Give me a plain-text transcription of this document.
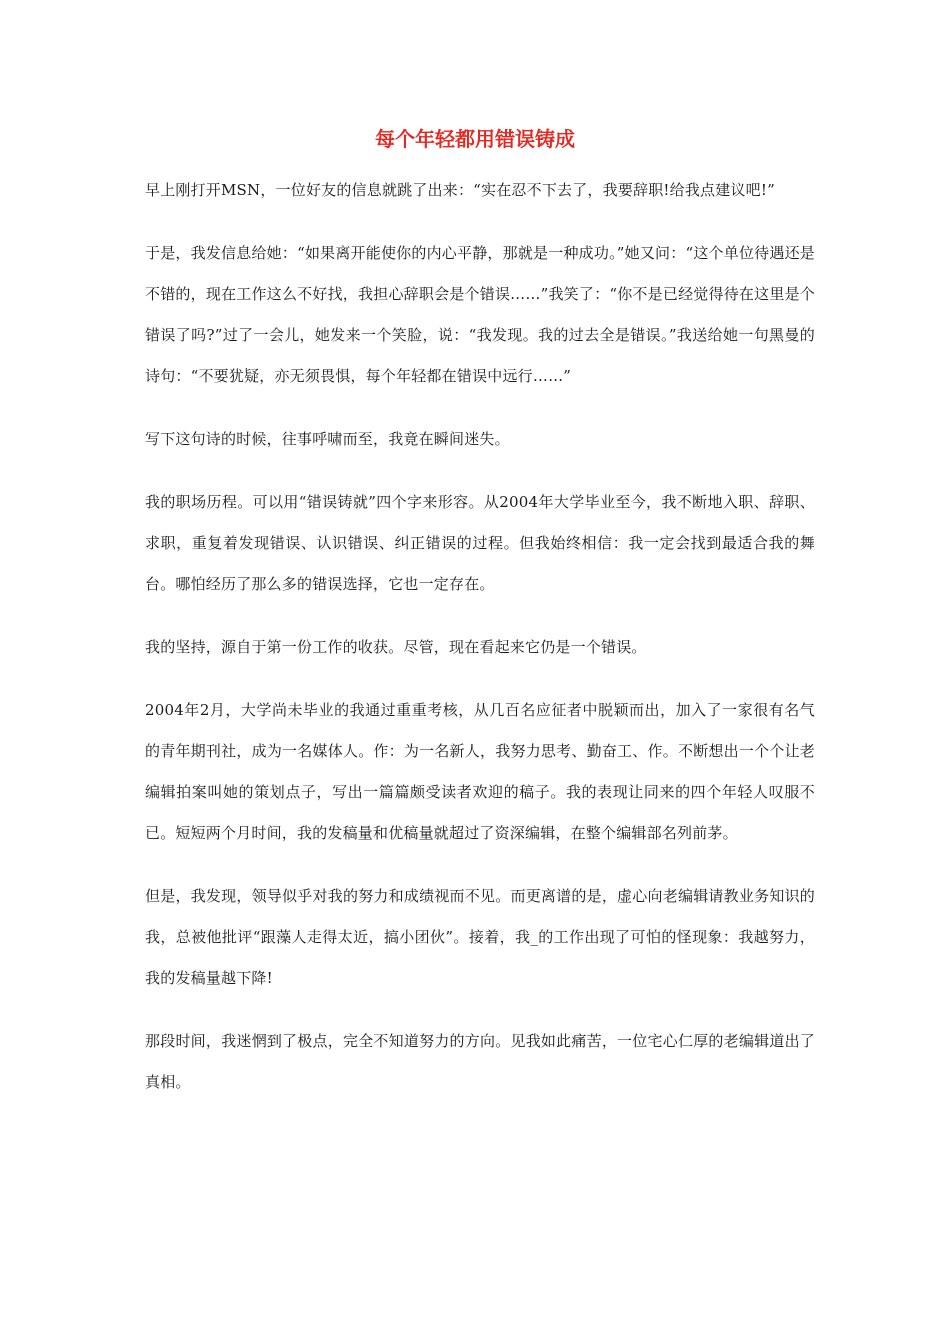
每个年轻都用错误铸成

早上刚打开MSN，一位好友的信息就跳了出来：“实在忍不下去了，我要辞职!给我点建议吧!”

于是，我发信息给她：“如果离开能使你的内心平静，那就是一种成功。”她又问：“这个单位待遇还是不错的，现在工作这么不好找，我担心辞职会是个错误……”我笑了：“你不是已经觉得待在这里是个错误了吗?”过了一会儿，她发来一个笑脸，说：“我发现。我的过去全是错误。”我送给她一句黑曼的诗句：“不要犹疑，亦无须畏惧，每个年轻都在错误中远行……”

写下这句诗的时候，往事呼啸而至，我竟在瞬间迷失。

我的职场历程。可以用“错误铸就”四个字来形容。从2004年大学毕业至今，我不断地入职、辞职、求职，重复着发现错误、认识错误、纠正错误的过程。但我始终相信：我一定会找到最适合我的舞台。哪怕经历了那么多的错误选择，它也一定存在。

我的坚持，源自于第一份工作的收获。尽管，现在看起来它仍是一个错误。

2004年2月，大学尚未毕业的我通过重重考核，从几百名应征者中脱颖而出，加入了一家很有名气的青年期刊社，成为一名媒体人。作：为一名新人，我努力思考、勤奋工、作。不断想出一个个让老编辑拍案叫她的策划点子，写出一篇篇颇受读者欢迎的稿子。我的表现让同来的四个年轻人叹服不已。短短两个月时间，我的发稿量和优稿量就超过了资深编辑，在整个编辑部名列前茅。

但是，我发现，领导似乎对我的努力和成绩视而不见。而更离谱的是，虚心向老编辑请教业务知识的我，总被他批评“跟藻人走得太近，搞小团伙”。接着，我_的工作出现了可怕的怪现象：我越努力，我的发稿量越下降!

那段时间，我迷惘到了极点，完全不知道努力的方向。见我如此痛苦，一位宅心仁厚的老编辑道出了真相。
